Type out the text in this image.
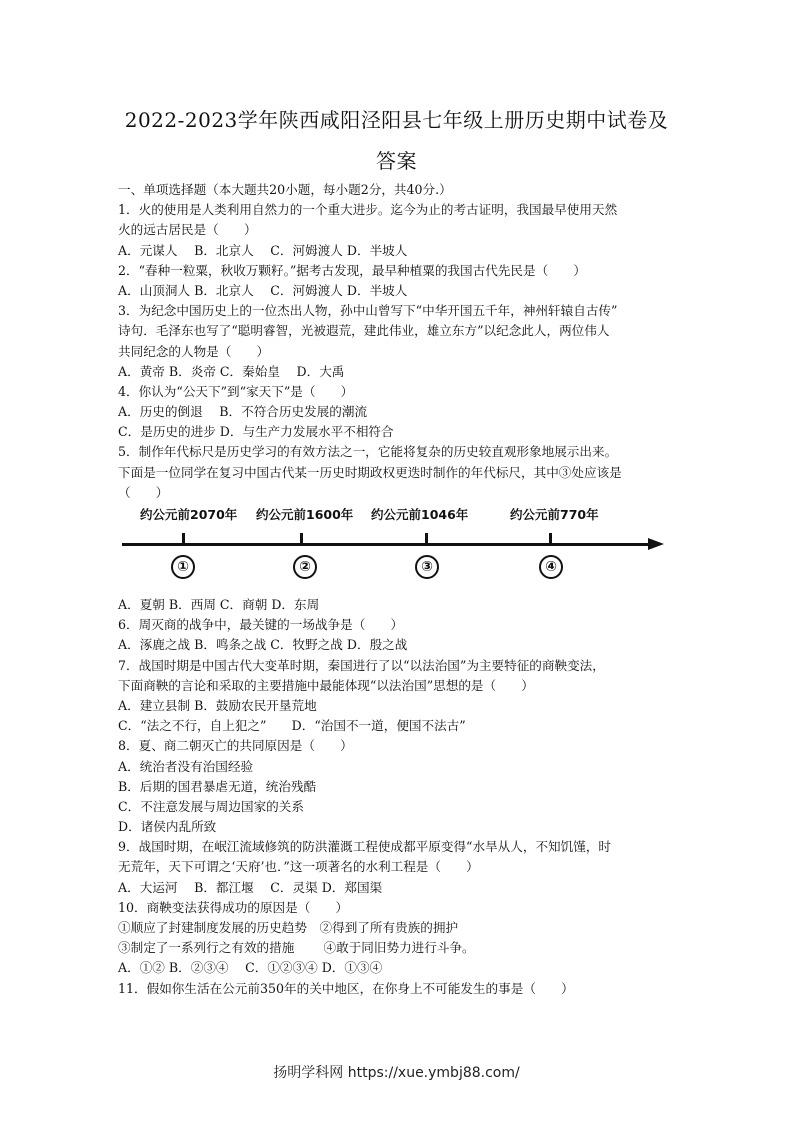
2022-2023学年陕西咸阳泾阳县七年级上册历史期中试卷及
答案
一、单项选择题（本大题共20小题，每小题2分，共40分.）
1．火的使用是人类利用自然力的一个重大进步。迄今为止的考古证明，我国最早使用天然
火的远古居民是（　　）
A．元谋人　 B．北京人　 C．河姆渡人 D．半坡人
2．“春种一粒粟，秋收万颗籽。”据考古发现，最早种植粟的我国古代先民是（　　）
A．山顶洞人 B．北京人　 C．河姆渡人 D．半坡人
3．为纪念中国历史上的一位杰出人物，孙中山曾写下“中华开国五千年，神州轩辕自古传”
诗句．毛泽东也写了“聪明睿智，光被遐荒，建此伟业，雄立东方”以纪念此人，两位伟人
共同纪念的人物是（　　）
A．黄帝 B．炎帝 C．秦始皇　 D．大禹
4．你认为“公天下”到“家天下”是（　　）
A．历史的倒退　 B．不符合历史发展的潮流
C．是历史的进步 D．与生产力发展水平不相符合
5．制作年代标尺是历史学习的有效方法之一，它能将复杂的历史较直观形象地展示出来。
下面是一位同学在复习中国古代某一历史时期政权更迭时制作的年代标尺，其中③处应该是
（　　）
约公元前2070年 约公元前1600年 约公元前1046年	约公元前770年
①	②	③	④
A．夏朝 B．西周 C．商朝 D．东周
6．周灭商的战争中，最关键的一场战争是（　　）
A．涿鹿之战 B．鸣条之战 C．牧野之战 D．殷之战
7．战国时期是中国古代大变革时期，秦国进行了以“以法治国”为主要特征的商鞅变法，
下面商鞅的言论和采取的主要措施中最能体现“以法治国”思想的是（　　）
A．建立县制 B．鼓励农民开垦荒地
C．“法之不行，自上犯之”　　D．“治国不一道，便国不法古”
8．夏、商二朝灭亡的共同原因是（　　）
A．统治者没有治国经验
B．后期的国君暴虐无道，统治残酷
C．不注意发展与周边国家的关系
D．诸侯内乱所致
9．战国时期，在岷江流域修筑的防洪灌溉工程使成都平原变得“水旱从人，不知饥馑，时
无荒年，天下可谓之‘天府’也．”这一项著名的水利工程是（　　）
A．大运河　 B．都江堰　 C．灵渠 D．郑国渠
10．商鞅变法获得成功的原因是（　　）
①顺应了封建制度发展的历史趋势　②得到了所有贵族的拥护
③制定了一系列行之有效的措施　　 ④敢于同旧势力进行斗争。
A．①② B．②③④　 C．①②③④ D．①③④
11．假如你生活在公元前350年的关中地区，在你身上不可能发生的事是（　　）
扬明学科网 https://xue.ymbj88.com/
